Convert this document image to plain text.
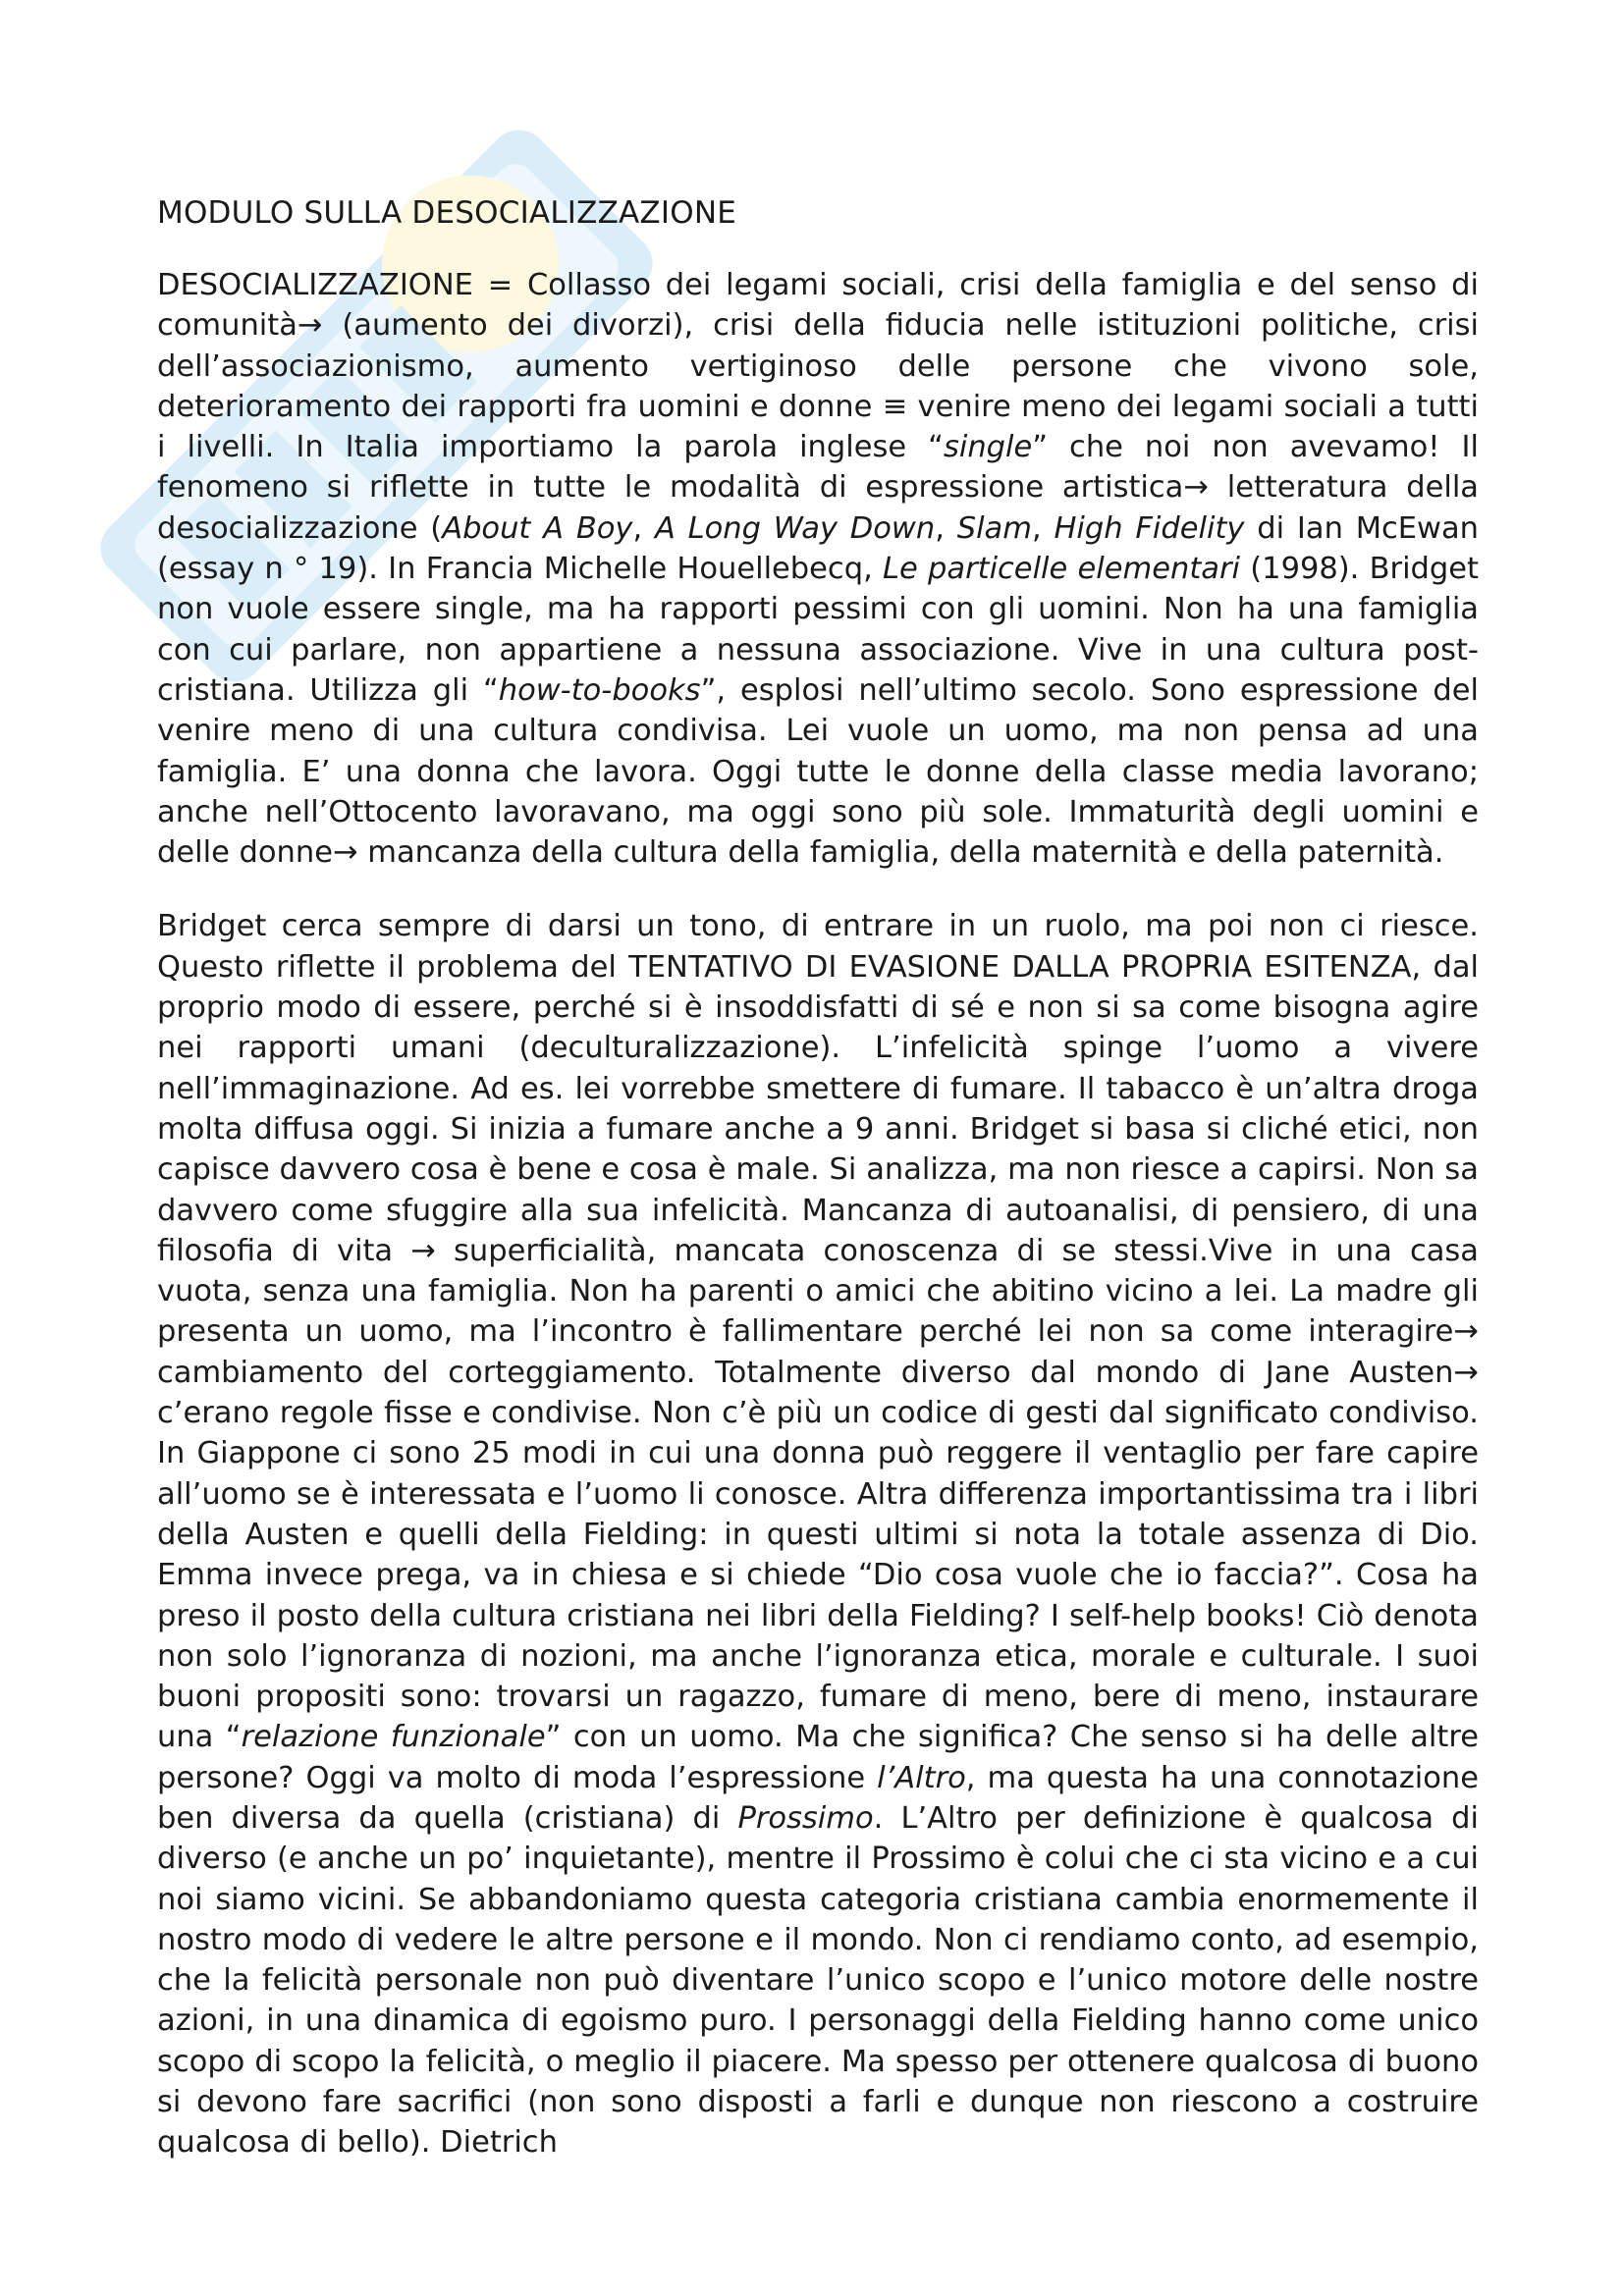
MODULO SULLA DESOCIALIZZAZIONE

DESOCIALIZZAZIONE = Collasso dei legami sociali, crisi della famiglia e del senso di comunità→ (aumento dei divorzi), crisi della fiducia nelle istituzioni politiche, crisi dell’associazionismo, aumento vertiginoso delle persone che vivono sole, deterioramento dei rapporti fra uomini e donne ≡ venire meno dei legami sociali a tutti i livelli. In Italia importiamo la parola inglese “single” che noi non avevamo! Il fenomeno si riflette in tutte le modalità di espressione artistica→ letteratura della desocializzazione (About A Boy, A Long Way Down, Slam, High Fidelity di Ian McEwan (essay n ° 19). In Francia Michelle Houellebecq, Le particelle elementari (1998). Bridget non vuole essere single, ma ha rapporti pessimi con gli uomini. Non ha una famiglia con cui parlare, non appartiene a nessuna associazione. Vive in una cultura post-cristiana. Utilizza gli “how-to-books”, esplosi nell’ultimo secolo. Sono espressione del venire meno di una cultura condivisa. Lei vuole un uomo, ma non pensa ad una famiglia. E’ una donna che lavora. Oggi tutte le donne della classe media lavorano; anche nell’Ottocento lavoravano, ma oggi sono più sole. Immaturità degli uomini e delle donne→ mancanza della cultura della famiglia, della maternità e della paternità.

Bridget cerca sempre di darsi un tono, di entrare in un ruolo, ma poi non ci riesce. Questo riflette il problema del TENTATIVO DI EVASIONE DALLA PROPRIA ESITENZA, dal proprio modo di essere, perché si è insoddisfatti di sé e non si sa come bisogna agire nei rapporti umani (deculturalizzazione). L’infelicità spinge l’uomo a vivere nell’immaginazione. Ad es. lei vorrebbe smettere di fumare. Il tabacco è un’altra droga molta diffusa oggi. Si inizia a fumare anche a 9 anni. Bridget si basa si cliché etici, non capisce davvero cosa è bene e cosa è male. Si analizza, ma non riesce a capirsi. Non sa davvero come sfuggire alla sua infelicità. Mancanza di autoanalisi, di pensiero, di una filosofia di vita → superficialità, mancata conoscenza di se stessi.Vive in una casa vuota, senza una famiglia. Non ha parenti o amici che abitino vicino a lei. La madre gli presenta un uomo, ma l’incontro è fallimentare perché lei non sa come interagire→ cambiamento del corteggiamento. Totalmente diverso dal mondo di Jane Austen→ c’erano regole fisse e condivise. Non c’è più un codice di gesti dal significato condiviso. In Giappone ci sono 25 modi in cui una donna può reggere il ventaglio per fare capire all’uomo se è interessata e l’uomo li conosce. Altra differenza importantissima tra i libri della Austen e quelli della Fielding: in questi ultimi si nota la totale assenza di Dio. Emma invece prega, va in chiesa e si chiede “Dio cosa vuole che io faccia?”. Cosa ha preso il posto della cultura cristiana nei libri della Fielding? I self-help books! Ciò denota non solo l’ignoranza di nozioni, ma anche l’ignoranza etica, morale e culturale. I suoi buoni propositi sono: trovarsi un ragazzo, fumare di meno, bere di meno, instaurare una “relazione funzionale” con un uomo. Ma che significa? Che senso si ha delle altre persone? Oggi va molto di moda l’espressione l’Altro, ma questa ha una connotazione ben diversa da quella (cristiana) di Prossimo. L’Altro per definizione è qualcosa di diverso (e anche un po’ inquietante), mentre il Prossimo è colui che ci sta vicino e a cui noi siamo vicini. Se abbandoniamo questa categoria cristiana cambia enormemente il nostro modo di vedere le altre persone e il mondo. Non ci rendiamo conto, ad esempio, che la felicità personale non può diventare l’unico scopo e l’unico motore delle nostre azioni, in una dinamica di egoismo puro. I personaggi della Fielding hanno come unico scopo di scopo la felicità, o meglio il piacere. Ma spesso per ottenere qualcosa di buono si devono fare sacrifici (non sono disposti a farli e dunque non riescono a costruire qualcosa di bello). Dietrich
